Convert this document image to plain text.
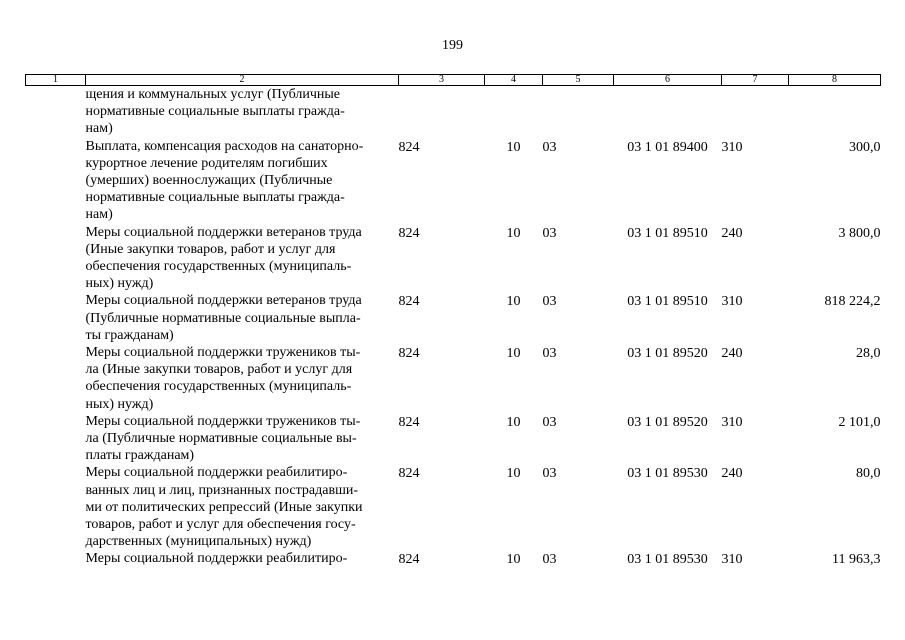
199
1	2	3	4	5	6	7	8

	щения и коммунальных услуг (Публичные
нормативные социальные выплаты гражда-
нам)						

	Выплата, компенсация расходов на санаторно-
курортное лечение родителям погибших
(умерших) военнослужащих (Публичные
нормативные социальные выплаты гражда-
нам)	824	10	03	03 1 01 89400	310	300,0

	Меры социальной поддержки ветеранов труда
(Иные закупки товаров, работ и услуг для
обеспечения государственных (муниципаль-
ных) нужд)	824	10	03	03 1 01 89510	240	3 800,0

	Меры социальной поддержки ветеранов труда
(Публичные нормативные социальные выпла-
ты гражданам)	824	10	03	03 1 01 89510	310	818 224,2

	Меры социальной поддержки тружеников ты-
ла (Иные закупки товаров, работ и услуг для
обеспечения государственных (муниципаль-
ных) нужд)	824	10	03	03 1 01 89520	240	28,0

	Меры социальной поддержки тружеников ты-
ла (Публичные нормативные социальные вы-
платы гражданам)	824	10	03	03 1 01 89520	310	2 101,0

	Меры социальной поддержки реабилитиро-
ванных лиц и лиц, признанных пострадавши-
ми от политических репрессий (Иные закупки
товаров, работ и услуг для обеспечения госу-
дарственных (муниципальных) нужд)	824	10	03	03 1 01 89530	240	80,0

	Меры социальной поддержки реабилитиро-	824	10	03	03 1 01 89530	310	11 963,3
